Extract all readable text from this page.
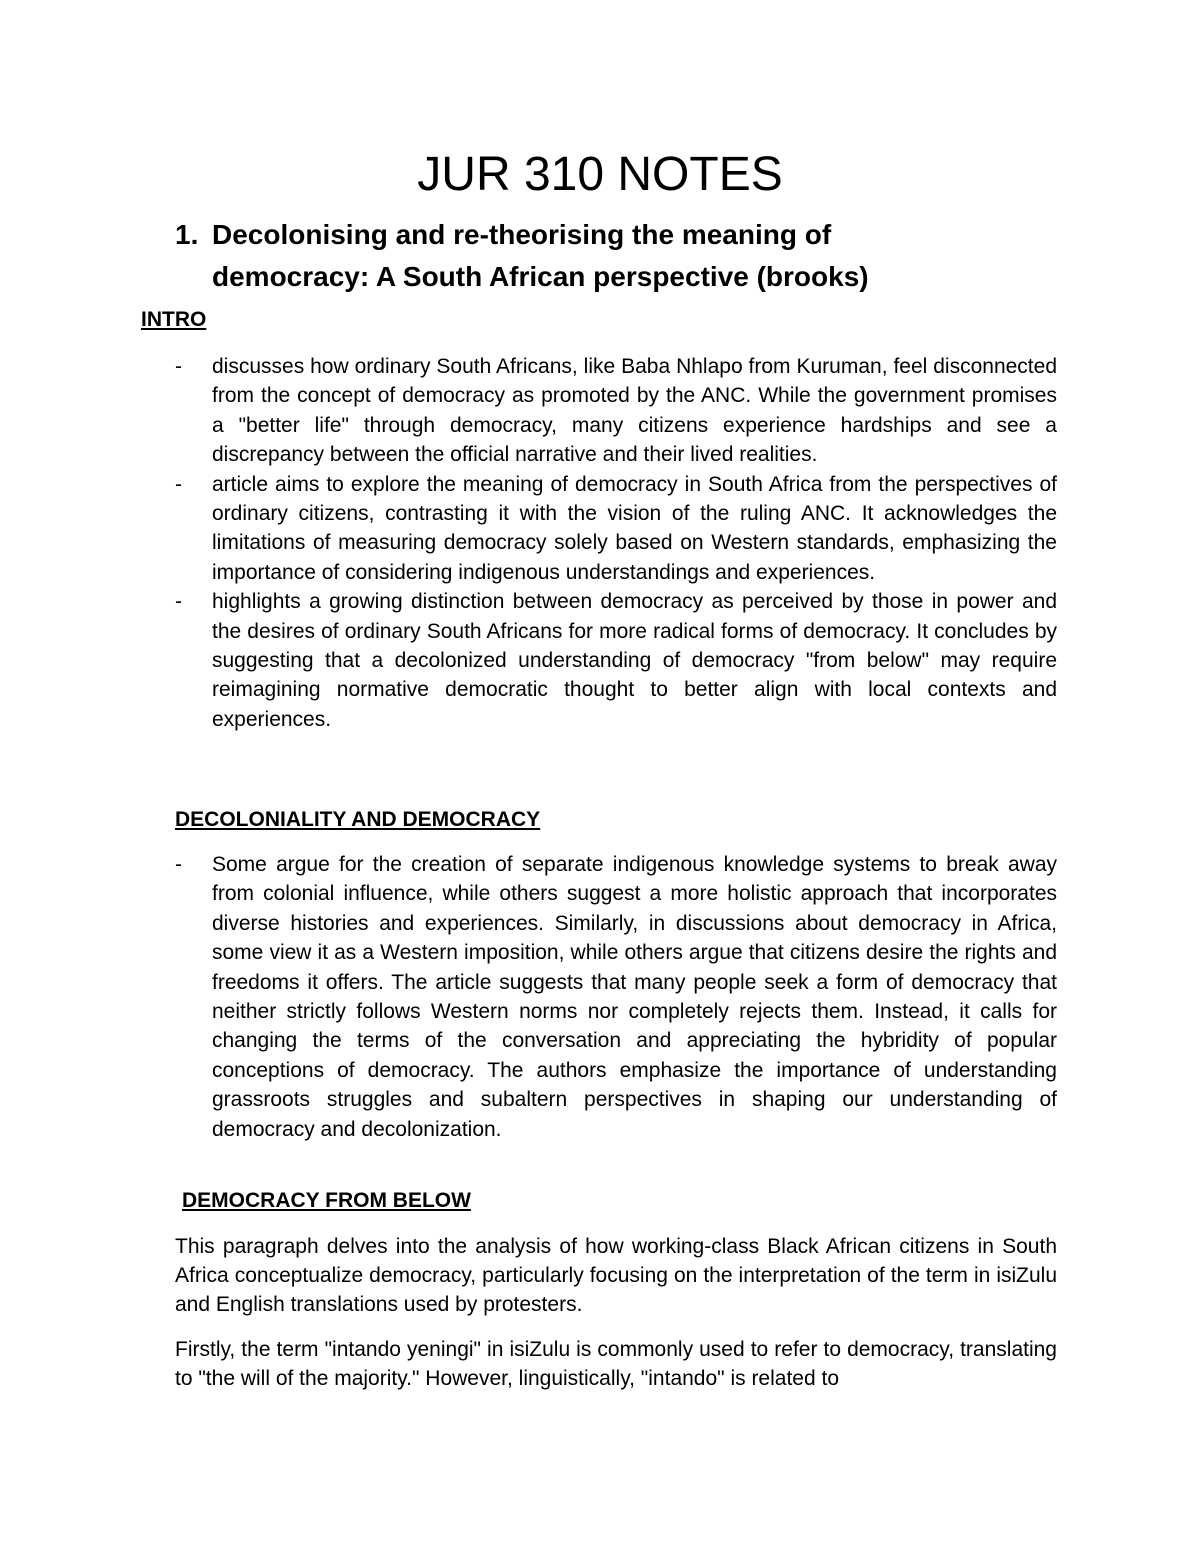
JUR 310 NOTES
1. Decolonising and re-theorising the meaning of democracy: A South African perspective (brooks)
INTRO
- discusses how ordinary South Africans, like Baba Nhlapo from Kuruman, feel disconnected from the concept of democracy as promoted by the ANC. While the government promises a "better life" through democracy, many citizens experience hardships and see a discrepancy between the official narrative and their lived realities.
- article aims to explore the meaning of democracy in South Africa from the perspectives of ordinary citizens, contrasting it with the vision of the ruling ANC. It acknowledges the limitations of measuring democracy solely based on Western standards, emphasizing the importance of considering indigenous understandings and experiences.
- highlights a growing distinction between democracy as perceived by those in power and the desires of ordinary South Africans for more radical forms of democracy. It concludes by suggesting that a decolonized understanding of democracy "from below" may require reimagining normative democratic thought to better align with local contexts and experiences.
DECOLONIALITY AND DEMOCRACY
- Some argue for the creation of separate indigenous knowledge systems to break away from colonial influence, while others suggest a more holistic approach that incorporates diverse histories and experiences. Similarly, in discussions about democracy in Africa, some view it as a Western imposition, while others argue that citizens desire the rights and freedoms it offers. The article suggests that many people seek a form of democracy that neither strictly follows Western norms nor completely rejects them. Instead, it calls for changing the terms of the conversation and appreciating the hybridity of popular conceptions of democracy. The authors emphasize the importance of understanding grassroots struggles and subaltern perspectives in shaping our understanding of democracy and decolonization.
DEMOCRACY FROM BELOW

This paragraph delves into the analysis of how working-class Black African citizens in South Africa conceptualize democracy, particularly focusing on the interpretation of the term in isiZulu and English translations used by protesters.

Firstly, the term "intando yeningi" in isiZulu is commonly used to refer to democracy, translating to "the will of the majority." However, linguistically, "intando" is related to
